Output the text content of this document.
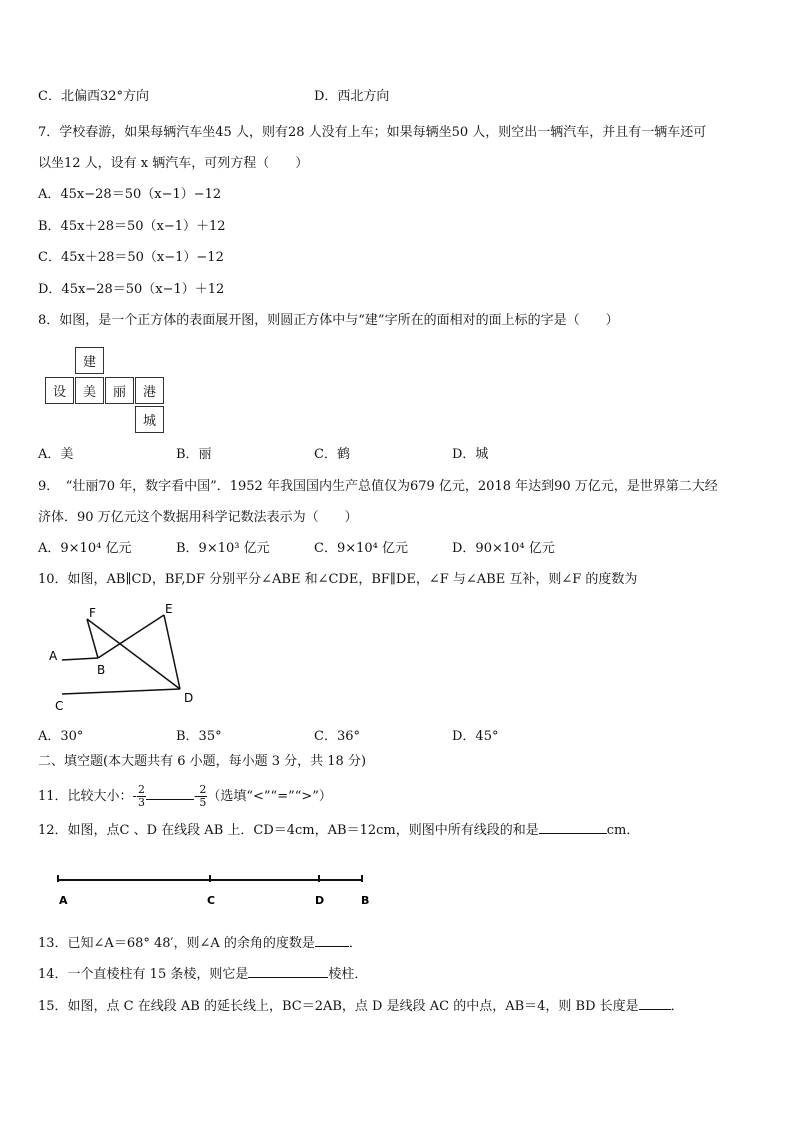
C．北偏西32°方向	D．西北方向
7．学校春游，如果每辆汽车坐45 人，则有28 人没有上车；如果每辆坐50 人，则空出一辆汽车，并且有一辆车还可
以坐12 人，设有 x 辆汽车，可列方程（　　）
A．45x−28＝50（x−1）−12
B．45x＋28＝50（x−1）＋12
C．45x＋28＝50（x−1）−12
D．45x−28＝50（x−1）＋12
8．如图，是一个正方体的表面展开图，则圆正方体中与“建”字所在的面相对的面上标的字是（　　）
建
设	美	丽	港
城
A．美	B．丽	C．鹤	D．城
9．　“壮丽70 年，数字看中国”．1952 年我国国内生产总值仅为679 亿元，2018 年达到90 万亿元，是世界第二大经
济体．90 万亿元这个数据用科学记数法表示为（　　）
A．9×10⁴ 亿元	B．9×10³ 亿元	C．9×10⁴ 亿元	D．90×10⁴ 亿元
10．如图，AB∥CD，BF,DF 分别平分∠ABE 和∠CDE，BF∥DE，∠F 与∠ABE 互补，则∠F 的度数为
F	E
A
B
C
D
A．30°	B．35°	C．36°	D．45°
二、填空题(本大题共有 6 小题，每小题 3 分，共 18 分)
11．比较大小：- $\frac{2}{3}$	- $\frac{2}{5}$ （选填“<”“=”“>”）
12．如图，点C 、D 在线段 AB 上．CD＝4cm，AB＝12cm，则图中所有线段的和是	cm．
A	C	D	B
13．已知∠A＝68° 48′，则∠A 的余角的度数是	．
14．一个直棱柱有 15 条棱，则它是	棱柱．
15．如图，点 C 在线段 AB 的延长线上，BC＝2AB，点 D 是线段 AC 的中点，AB＝4，则 BD 长度是 ．
